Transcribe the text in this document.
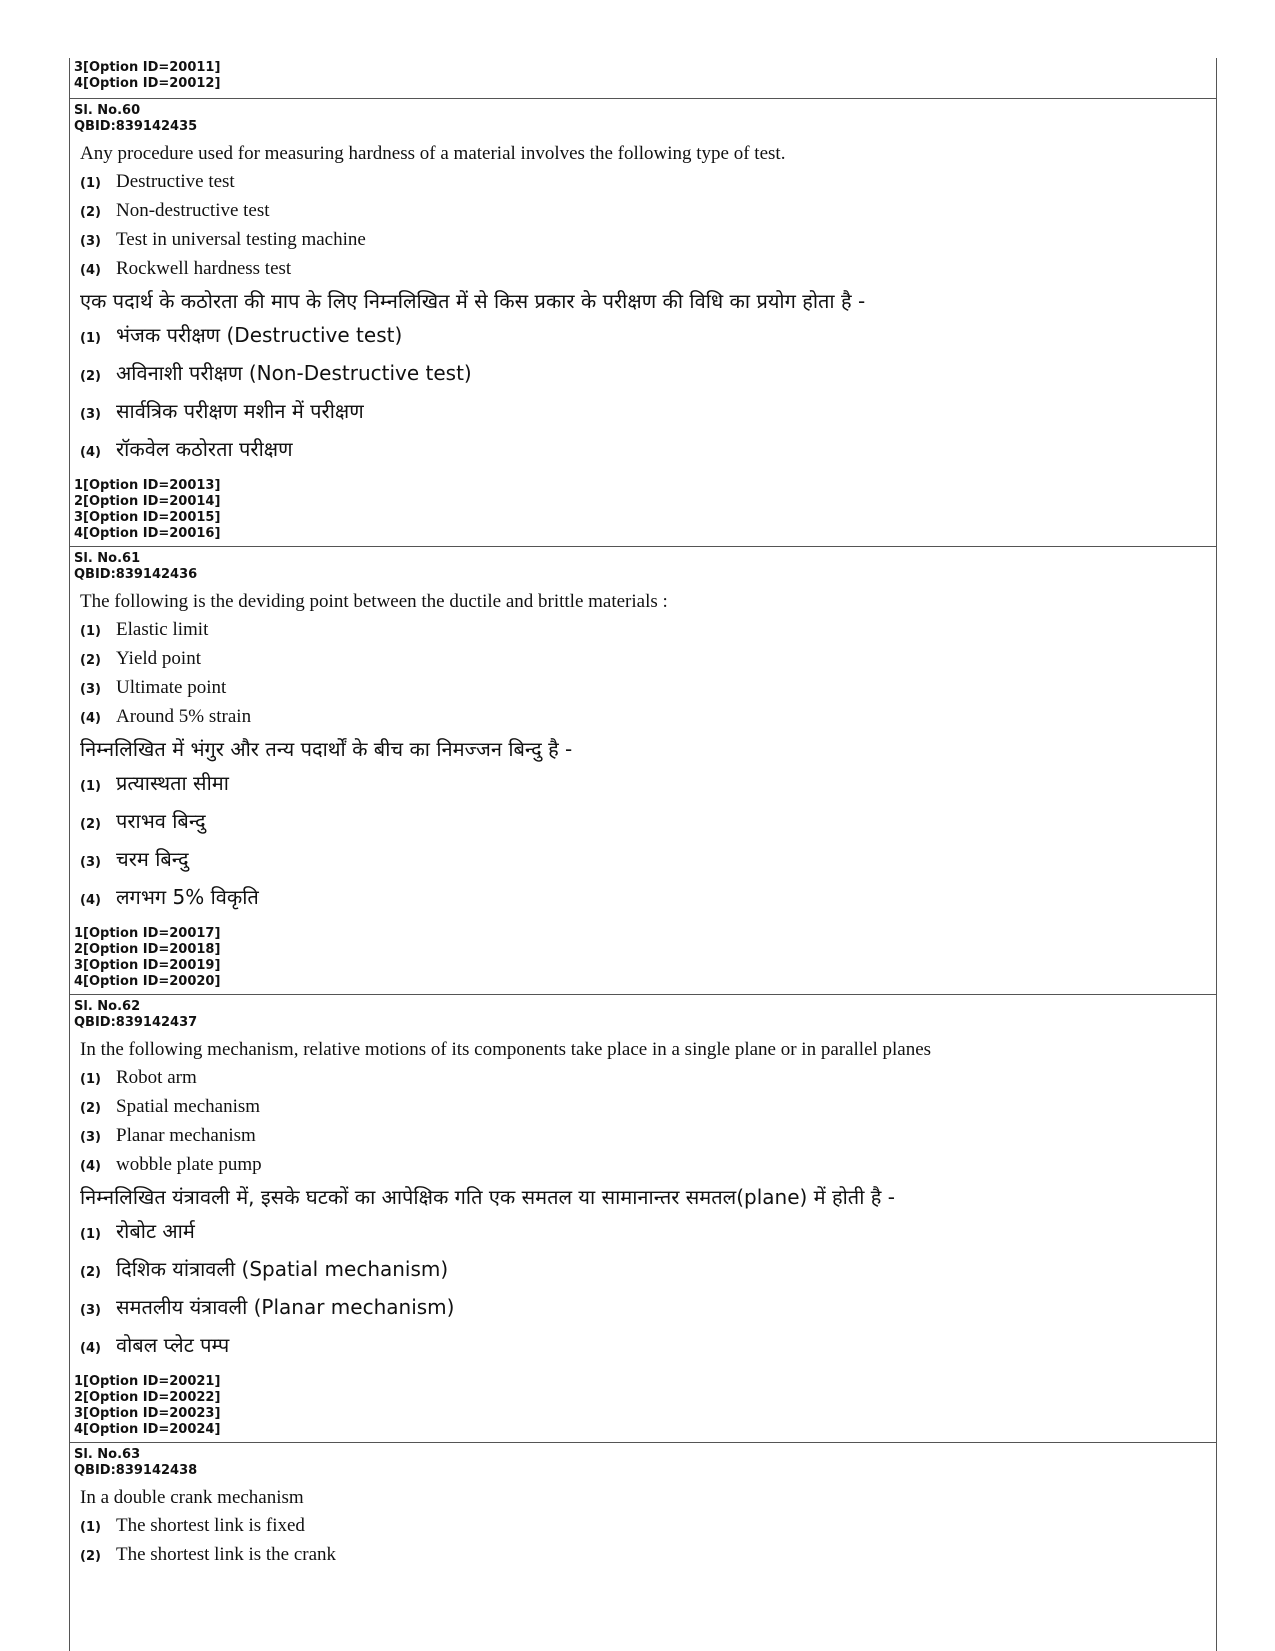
3[Option ID=20011]
4[Option ID=20012]
Sl. No.60
QBID:839142435
Any procedure used for measuring hardness of a material involves the following type of test.
(1) Destructive test
(2) Non-destructive test
(3) Test in universal testing machine
(4) Rockwell hardness test
एक पदार्थ के कठोरता की माप के लिए निम्नलिखित में से किस प्रकार के परीक्षण की विधि का प्रयोग होता है -
(1) भंजक परीक्षण (Destructive test)
(2) अविनाशी परीक्षण (Non-Destructive test)
(3) सार्वत्रिक परीक्षण मशीन में परीक्षण
(4) रॉकवेल कठोरता परीक्षण
1[Option ID=20013]
2[Option ID=20014]
3[Option ID=20015]
4[Option ID=20016]
Sl. No.61
QBID:839142436
The following is the deviding point between the ductile and brittle materials :
(1) Elastic limit
(2) Yield point
(3) Ultimate point
(4) Around 5% strain
निम्नलिखित में भंगुर और तन्य पदार्थों के बीच का निमज्जन बिन्दु है -
(1) प्रत्यास्थता सीमा
(2) पराभव बिन्दु
(3) चरम बिन्दु
(4) लगभग 5% विकृति
1[Option ID=20017]
2[Option ID=20018]
3[Option ID=20019]
4[Option ID=20020]
Sl. No.62
QBID:839142437
In the following mechanism, relative motions of its components take place in a single plane or in parallel planes
(1) Robot arm
(2) Spatial mechanism
(3) Planar mechanism
(4) wobble plate pump
निम्नलिखित यंत्रावली में, इसके घटकों का आपेक्षिक गति एक समतल या सामानान्तर समतल(plane) में होती है -
(1) रोबोट आर्म
(2) दिशिक यांत्रावली (Spatial mechanism)
(3) समतलीय यंत्रावली (Planar mechanism)
(4) वोबल प्लेट पम्प
1[Option ID=20021]
2[Option ID=20022]
3[Option ID=20023]
4[Option ID=20024]
Sl. No.63
QBID:839142438
In a double crank mechanism
(1) The shortest link is fixed
(2) The shortest link is the crank
